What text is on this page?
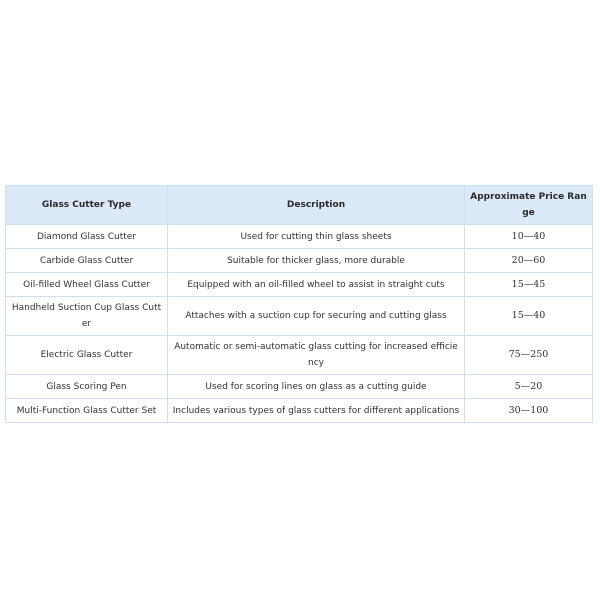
Glass Cutter Type	Description	Approximate Price Range
Diamond Glass Cutter	Used for cutting thin glass sheets	10—40
Carbide Glass Cutter	Suitable for thicker glass, more durable	20—60
Oil-filled Wheel Glass Cutter	Equipped with an oil-filled wheel to assist in straight cuts	15—45
Handheld Suction Cup Glass Cutter	Attaches with a suction cup for securing and cutting glass	15—40
Electric Glass Cutter	Automatic or semi-automatic glass cutting for increased efficiency	75—250
Glass Scoring Pen	Used for scoring lines on glass as a cutting guide	5—20
Multi-Function Glass Cutter Set	Includes various types of glass cutters for different applications	30—100
